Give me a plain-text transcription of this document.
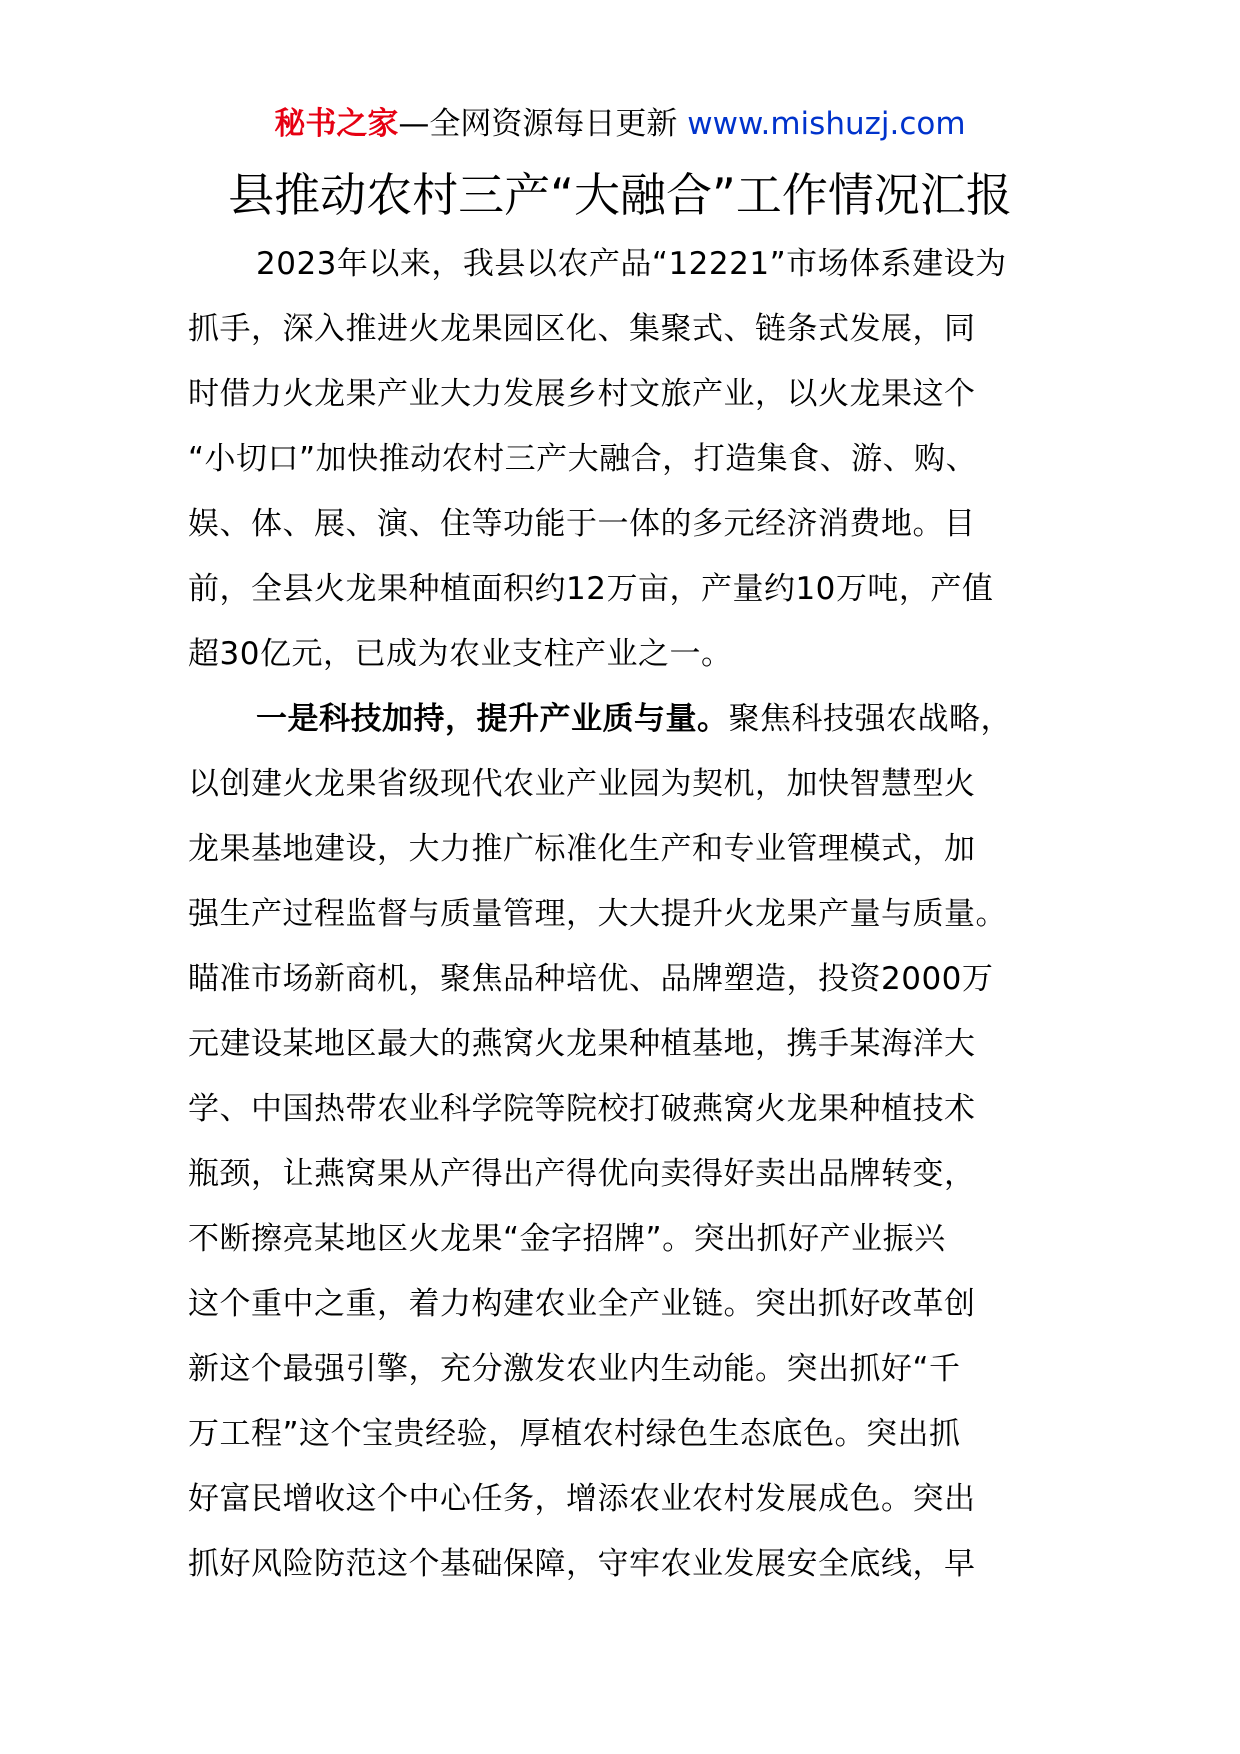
秘书之家—全网资源每日更新 www.mishuzj.com
县推动农村三产“大融合”工作情况汇报
2023年以来，我县以农产品“12221”市场体系建设为
抓手，深入推进火龙果园区化、集聚式、链条式发展，同
时借力火龙果产业大力发展乡村文旅产业，以火龙果这个
“小切口”加快推动农村三产大融合，打造集食、游、购、
娱、体、展、演、住等功能于一体的多元经济消费地。目
前，全县火龙果种植面积约12万亩，产量约10万吨，产值
超30亿元，已成为农业支柱产业之一。
一是科技加持，提升产业质与量。聚焦科技强农战略，
以创建火龙果省级现代农业产业园为契机，加快智慧型火
龙果基地建设，大力推广标准化生产和专业管理模式，加
强生产过程监督与质量管理，大大提升火龙果产量与质量。
瞄准市场新商机，聚焦品种培优、品牌塑造，投资2000万
元建设某地区最大的燕窝火龙果种植基地，携手某海洋大
学、中国热带农业科学院等院校打破燕窝火龙果种植技术
瓶颈，让燕窝果从产得出产得优向卖得好卖出品牌转变，
不断擦亮某地区火龙果“金字招牌”。突出抓好产业振兴
这个重中之重，着力构建农业全产业链。突出抓好改革创
新这个最强引擎，充分激发农业内生动能。突出抓好“千
万工程”这个宝贵经验，厚植农村绿色生态底色。突出抓
好富民增收这个中心任务，增添农业农村发展成色。突出
抓好风险防范这个基础保障，守牢农业发展安全底线，早
